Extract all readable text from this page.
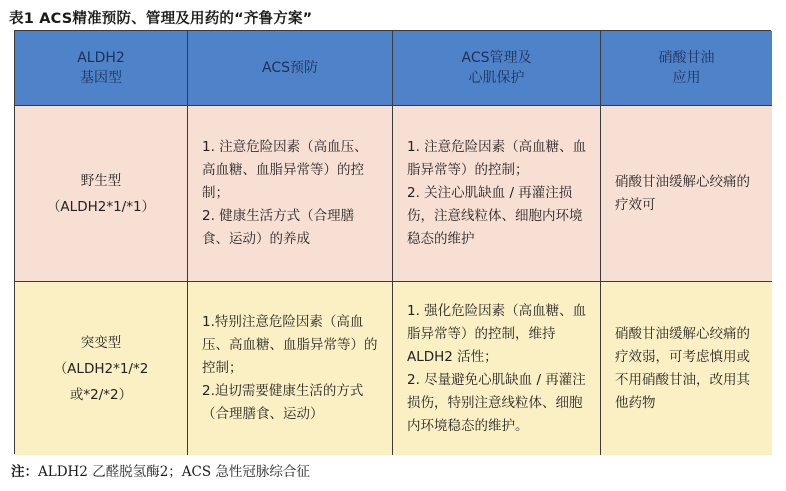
表1 ACS精准预防、管理及用药的“齐鲁方案”
ALDH2
基因型
ACS预防
ACS管理及
心肌保护
硝酸甘油
应用
野生型
（ALDH2*1/*1）

1. 注意危险因素（高血压、高血糖、血脂异常等）的控制；

2. 健康生活方式（合理膳食、运动）的养成

1. 注意危险因素（高血糖、血脂异常等）的控制；

2. 关注心肌缺血 / 再灌注损伤，注意线粒体、细胞内环境稳态的维护

硝酸甘油缓解心绞痛的疗效可

突变型
（ALDH2*1/*2
或*2/*2）

1.特别注意危险因素（高血压、高血糖、血脂异常等）的控制；

2.迫切需要健康生活的方式（合理膳食、运动）

1. 强化危险因素（高血糖、血脂异常等）的控制，维持ALDH2 活性；

2. 尽量避免心肌缺血 / 再灌注损伤，特别注意线粒体、细胞内环境稳态的维护。

硝酸甘油缓解心绞痛的疗效弱，可考虑慎用或不用硝酸甘油，改用其他药物

注：ALDH2 乙醛脱氢酶2；ACS 急性冠脉综合征
